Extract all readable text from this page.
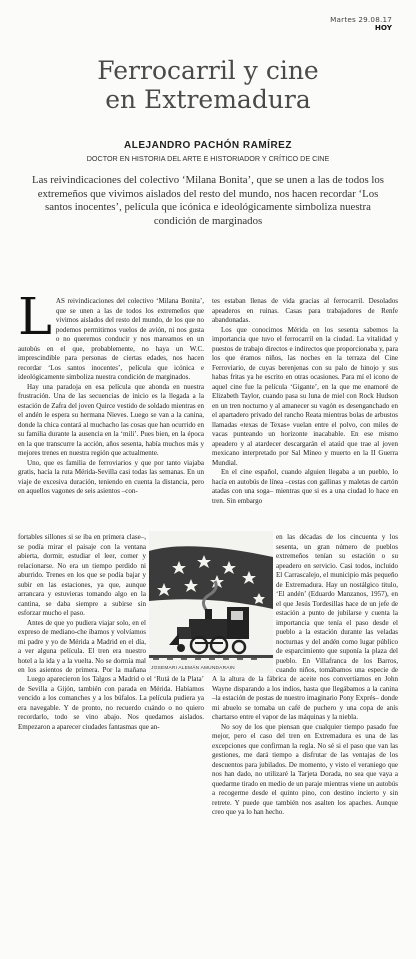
Martes 29.08.17
HOY
Ferrocarril y cine
en Extremadura
ALEJANDRO PACHÓN RAMÍREZ
DOCTOR EN HISTORIA DEL ARTE E HISTORIADOR Y CRÍTICO DE CINE
Las reivindicaciones del colectivo ‘Milana Bonita’, que se unen a las de todos los extremeños que vivimos aislados del resto del mundo, nos hacen recordar ‘Los santos inocentes’, película que icónica e ideológicamente simboliza nuestra condición de marginados
L AS reivindicaciones del colectivo ‘Milana Bonita’, que se unen a las de todos los extremeños que vivimos aislados del resto del mundo, de los que no podemos permitirnos vuelos de avión, ni nos gusta o no queremos conducir y nos mareamos en un autobús en el que, probablemente, no haya un W.C. imprescindible para personas de ciertas edades, nos hacen recordar ‘Los santos inocentes’, película que icónica e ideológicamente simboliza nuestra condición de marginados.

Hay una paradoja en esa película que ahonda en nuestra frustración. Una de las secuencias de inicio es la llegada a la estación de Zafra del joven Quirce vestido de soldado mientras en el andén le espera su hermana Nieves. Luego se van a la canina, donde la chica contará al muchacho las cosas que han ocurrido en su familia durante la ausencia en la ‘mili’. Pues bien, en la época en la que transcurre la acción, años sesenta, había muchos más y mejores trenes en nuestra región que actualmente.

Uno, que es familia de ferroviarios y que por tanto viajaba gratis, hacía la ruta Mérida-Sevilla casi todas las semanas. En un viaje de excesiva duración, teniendo en cuenta la distancia, pero en aquellos vagones de seis asientos –con-

fortables sillones si se iba en primera clase–, se podía mirar el paisaje con la ventana abierta, dormir, estudiar el leer, comer y relacionarse. No era un tiempo perdido ni aburrido. Trenes en los que se podía bajar y subir en las estaciones, ya que, aunque arrancara y estuvieras tomando algo en la cantina, se daba siempre a subirse sin esforzar mucho el paso.

Antes de que yo pudiera viajar solo, en el expreso de mediano-che íbamos y volvíamos mi padre y yo de Mérida a Madrid en el día, a ver alguna película. El tren era nuestro hotel a la ida y a la vuelta. No se dormía mal en los asientos de primera. Por la mañana

Luego aparecieron los Talgos a Madrid o el ‘Rutá de la Plata’ de Sevilla a Gijón, también con parada en Mérida. Habíamos vencido a los comanches y a los búfalos. La película pudiera ya era navegable. Y de pronto, no recuerdo cuándo o no quiero recordarlo, todo se vino abajo. Nos quedamos aislados. Empezaron a aparecer ciudades fantasmas que an-

tes estaban llenas de vida gracias al ferrocarril. Desolados apeaderos en ruinas. Casas para trabajadores de Renfe abandonadas.

Los que conocimos Mérida en los sesenta sabemos la importancia que tuvo el ferrocarril en la ciudad. La vitalidad y puestos de trabajo directos e indirectos que proporcionaba y, para los que éramos niños, las noches en la terraza del Cine Ferroviario, de cuyas berenjenas con su palo de hinojo y sus habas fritas ya he escrito en otras ocasiones. Para mí el icono de aquel cine fue la película ‘Gigante’, en la que me enamoré de Elizabeth Taylor, cuando pasa su luna de miel con Rock Hudson en un tren nocturno y al amanecer su vagón es desenganchado en el apartadero privado del rancho Reata mientras bolas de arbustos llamadas «texas de Texas» vuelan entre el polvo, con miles de vacas punteando un horizonte inacabable. En ese mismo apeadero y al atardecer descargarán el ataúd que trae al joven mexicano interpretado por Sal Mineo y muerto en la II Guerra Mundial.

En el cine español, cuando alguien llegaba a un pueblo, lo hacía en autobús de línea –cestas con gallinas y maletas de cartón atadas con una soga– mientras que si es a una ciudad lo hace en tren. Sin embargo

en las décadas de los cincuenta y los sesenta, un gran número de pueblos extremeños tenían su estación o su apeadero en servicio. Casi todos, incluido El Carrascalejo, el municipio más pequeño de Extremadura. Hay un nostálgico titulo, ‘El andén’ (Eduardo Manzanos, 1957), en el que Jesús Tordesillas hace de un jefe de estación a punto de jubilarse y cuenta la importancia que tenía el paso desde el pueblo a la estación durante las veladas nocturnas y del andén como lugar público de esparcimiento que suponía la plaza del pueblo. En Villafranca de los Barros, cuando niños, tomábamos una especie de

A la altura de la fábrica de aceite nos convertíamos en John Wayne disparando a los indios, hasta que llegábamos a la canina –la estación de postas de nuestro imaginario Pony Exprés– donde mi abuelo se tomaba un café de puchero y una copa de anís chartarso entre el vapor de las máquinas y la niebla.

No soy de los que piensan que cualquier tiempo pasado fue mejor, pero el caso del tren en Extremadura es una de las excepciones que confirman la regla. No sé si el paso que van las gestiones, me dará tiempo a disfrutar de las ventajas de los descuentos para jubilados. De momento, y visto el veraniego que nos han dado, no utilizaré la Tarjeta Dorada, no sea que vaya a quedarme tirado en medio de un paraje mientras viene un autobús a recogerme desde el quinto pino, con destino incierto y sin retrete. Y puede que también nos asalten los apaches. Aunque creo que ya lo han hecho.

JOSEMARI ALEMÁN AMUNDARAIN
